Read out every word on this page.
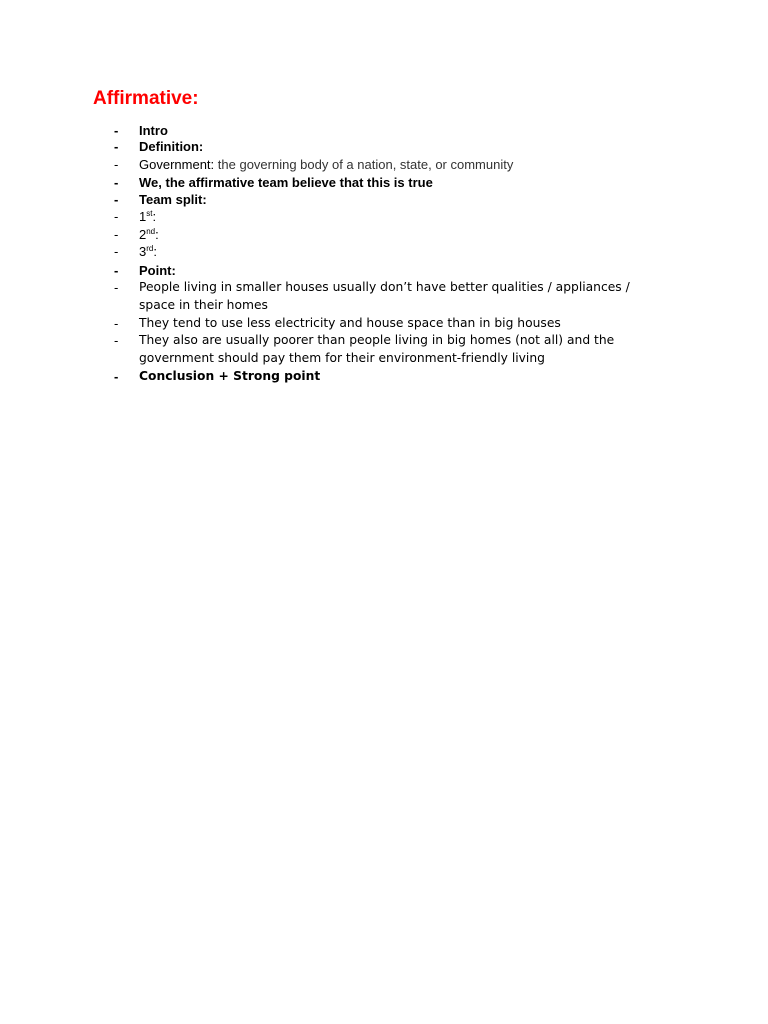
Affirmative:
- Intro
- Definition:
- Government: the governing body of a nation, state, or community
- We, the affirmative team believe that this is true
- Team split:
- 1st:
- 2nd:
- 3rd:
- Point:
- People living in smaller houses usually don’t have better qualities / appliances / space in their homes
- They tend to use less electricity and house space than in big houses
- They also are usually poorer than people living in big homes (not all) and the government should pay them for their environment-friendly living
- Conclusion + Strong point
